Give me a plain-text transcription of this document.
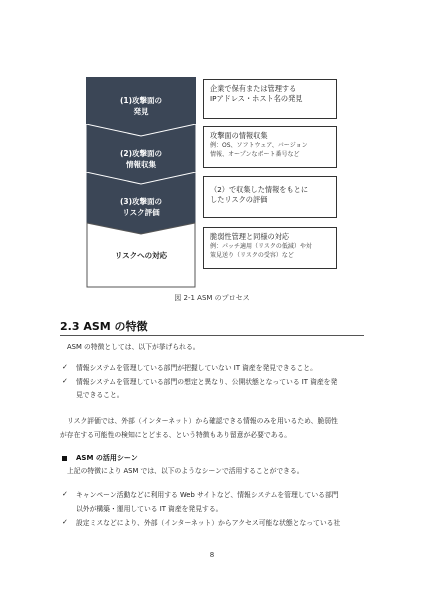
(1)攻撃面の
発見
(2)攻撃面の
情報収集
(3)攻撃面の
リスク評価
リスクへの対応
企業で保有または管理する
IPアドレス・ホスト名の発見
攻撃面の情報収集
例：OS、ソフトウェア、バージョン
情報、オープンなポート番号など
（2）で収集した情報をもとに
したリスクの評価
脆弱性管理と同様の対応
例：パッチ適用（リスクの低減）や対
策見送り（リスクの受容）など
図 2-1 ASM のプロセス
2.3 ASM の特徴
ASM の特徴としては、以下が挙げられる。
✓ 情報システムを管理している部門が把握していない IT 資産を発見できること。
✓ 情報システムを管理している部門の想定と異なり、公開状態となっている IT 資産を発
見できること。
リスク評価では、外部（インターネット）から確認できる情報のみを用いるため、脆弱性
が存在する可能性の検知にとどまる、という特徴もあり留意が必要である。
ASM の活用シーン
上記の特徴により ASM では、以下のようなシーンで活用することができる。
✓ キャンペーン活動などに利用する Web サイトなど、情報システムを管理している部門
以外が構築・運用している IT 資産を発見する。
✓ 設定ミスなどにより、外部（インターネット）からアクセス可能な状態となっている社
8
